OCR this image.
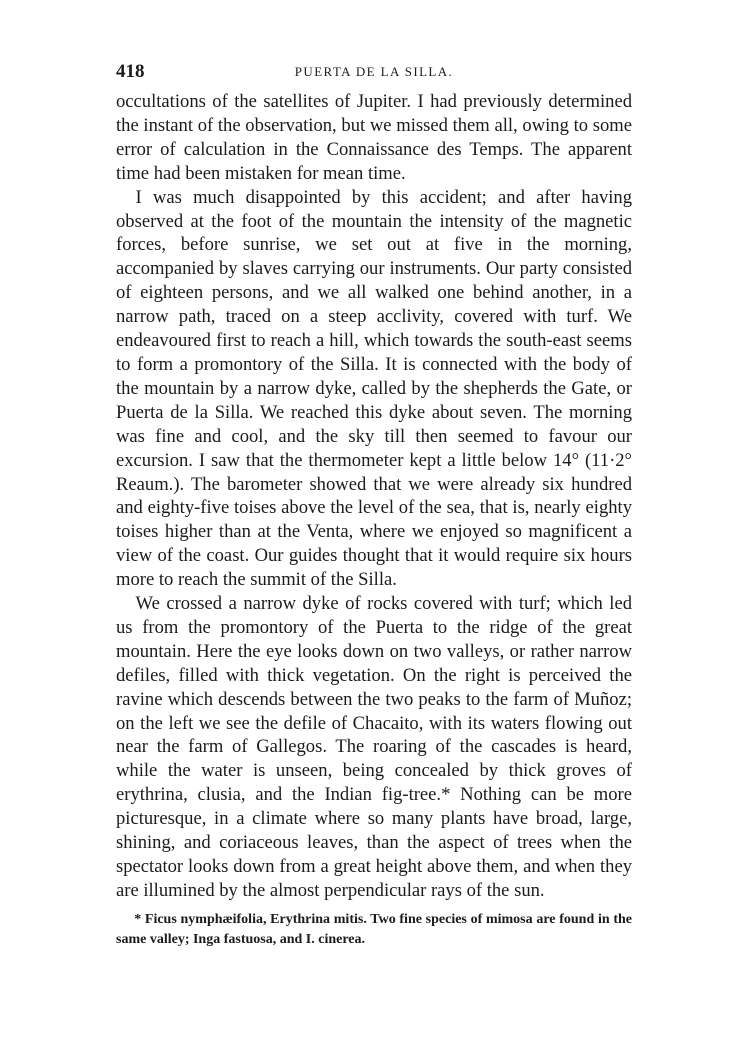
418	PUERTA DE LA SILLA.

occultations of the satellites of Jupiter. I had previously determined the instant of the observation, but we missed them all, owing to some error of calculation in the Connaissance des Temps. The apparent time had been mistaken for mean time.

I was much disappointed by this accident; and after having observed at the foot of the mountain the intensity of the magnetic forces, before sunrise, we set out at five in the morning, accompanied by slaves carrying our instruments. Our party consisted of eighteen persons, and we all walked one behind another, in a narrow path, traced on a steep acclivity, covered with turf. We endeavoured first to reach a hill, which towards the south-east seems to form a promontory of the Silla. It is connected with the body of the mountain by a narrow dyke, called by the shepherds the Gate, or Puerta de la Silla. We reached this dyke about seven. The morning was fine and cool, and the sky till then seemed to favour our excursion. I saw that the thermometer kept a little below 14° (11·2° Reaum.). The barometer showed that we were already six hundred and eighty-five toises above the level of the sea, that is, nearly eighty toises higher than at the Venta, where we enjoyed so magnificent a view of the coast. Our guides thought that it would require six hours more to reach the summit of the Silla.

We crossed a narrow dyke of rocks covered with turf; which led us from the promontory of the Puerta to the ridge of the great mountain. Here the eye looks down on two valleys, or rather narrow defiles, filled with thick vegetation. On the right is perceived the ravine which descends between the two peaks to the farm of Muñoz; on the left we see the defile of Chacaito, with its waters flowing out near the farm of Gallegos. The roaring of the cascades is heard, while the water is unseen, being concealed by thick groves of erythrina, clusia, and the Indian fig-tree.* Nothing can be more picturesque, in a climate where so many plants have broad, large, shining, and coriaceous leaves, than the aspect of trees when the spectator looks down from a great height above them, and when they are illumined by the almost perpendicular rays of the sun.

* Ficus nymphæifolia, Erythrina mitis. Two fine species of mimosa are found in the same valley; Inga fastuosa, and I. cinerea.
